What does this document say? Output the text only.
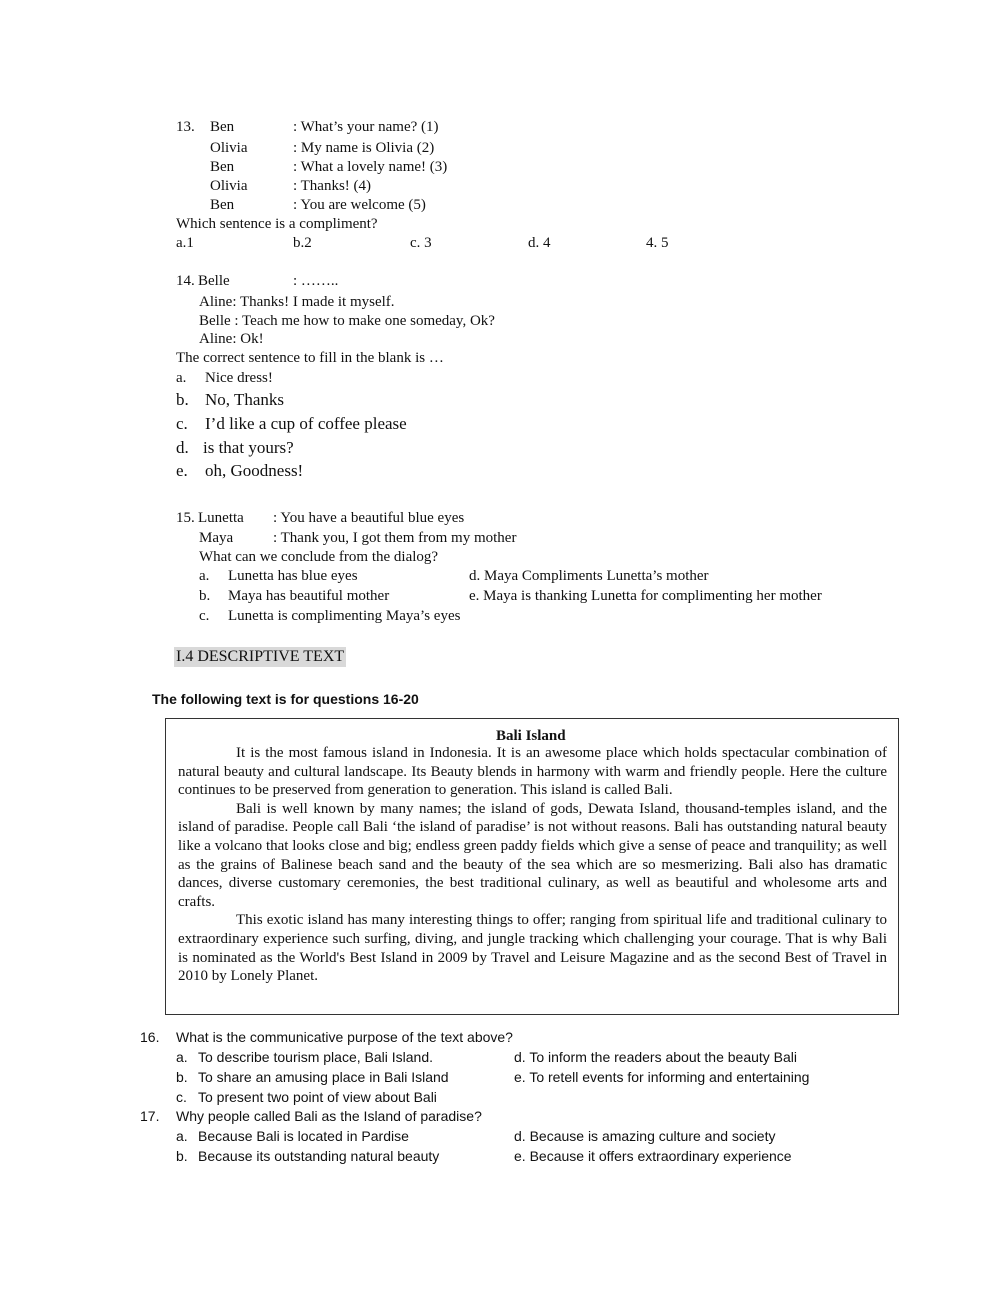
13. Ben	: What’s your name? (1)
Olivia	: My name is Olivia (2)
Ben	: What a lovely name! (3)
Olivia	: Thanks! (4)
Ben	: You are welcome (5)
Which sentence is a compliment?
a.1	b.2	c. 3	d. 4	4. 5
14. Belle	: ……..
Aline: Thanks! I made it myself.
Belle : Teach me how to make one someday, Ok?
Aline: Ok!
The correct sentence to fill in the blank is …
a. Nice dress!
b. No, Thanks
c. I’d like a cup of coffee please
d. is that yours?
e. oh, Goodness!
15. Lunetta : You have a beautiful blue eyes
Maya	: Thank you, I got them from my mother
What can we conclude from the dialog?
a. Lunetta has blue eyes	d. Maya Compliments Lunetta’s mother
b. Maya has beautiful mother	e. Maya is thanking Lunetta for complimenting her mother
c. Lunetta is complimenting Maya’s eyes
I.4 DESCRIPTIVE TEXT
The following text is for questions 16-20
Bali Island

It is the most famous island in Indonesia. It is an awesome place which holds spectacular combination of natural beauty and cultural landscape. Its Beauty blends in harmony with warm and friendly people. Here the culture continues to be preserved from generation to generation. This island is called Bali.

Bali is well known by many names; the island of gods, Dewata Island, thousand-temples island, and the island of paradise. People call Bali ‘the island of paradise’ is not without reasons. Bali has outstanding natural beauty like a volcano that looks close and big; endless green paddy fields which give a sense of peace and tranquility; as well as the grains of Balinese beach sand and the beauty of the sea which are so mesmerizing. Bali also has dramatic dances, diverse customary ceremonies, the best traditional culinary, as well as beautiful and wholesome arts and crafts.

This exotic island has many interesting things to offer; ranging from spiritual life and traditional culinary to extraordinary experience such surfing, diving, and jungle tracking which challenging your courage. That is why Bali is nominated as the World's Best Island in 2009 by Travel and Leisure Magazine and as the second Best of Travel in 2010 by Lonely Planet.

16. What is the communicative purpose of the text above?
a. To describe tourism place, Bali Island.	d. To inform the readers about the beauty Bali
b. To share an amusing place in Bali Island	e. To retell events for informing and entertaining
c. To present two point of view about Bali
17. Why people called Bali as the Island of paradise?
a. Because Bali is located in Pardise	d. Because is amazing culture and society
b. Because its outstanding natural beauty	e. Because it offers extraordinary experience
